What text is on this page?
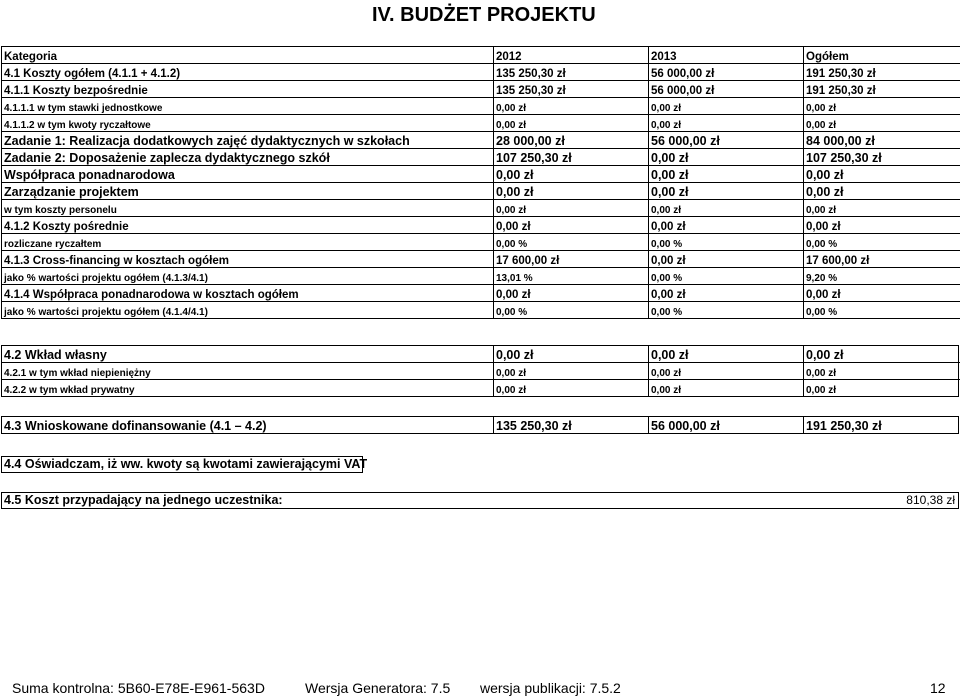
IV. BUDŻET PROJEKTU
Kategoria	2012	2013	Ogółem
4.1 Koszty ogółem (4.1.1 + 4.1.2)	135 250,30 zł	56 000,00 zł	191 250,30 zł
4.1.1 Koszty bezpośrednie	135 250,30 zł	56 000,00 zł	191 250,30 zł
4.1.1.1 w tym stawki jednostkowe	0,00 zł	0,00 zł	0,00 zł
4.1.1.2 w tym kwoty ryczałtowe	0,00 zł	0,00 zł	0,00 zł
Zadanie 1: Realizacja dodatkowych zajęć dydaktycznych w szkołach	28 000,00 zł	56 000,00 zł	84 000,00 zł
Zadanie 2: Doposażenie zaplecza dydaktycznego szkół	107 250,30 zł	0,00 zł	107 250,30 zł
Współpraca ponadnarodowa	0,00 zł	0,00 zł	0,00 zł
Zarządzanie projektem	0,00 zł	0,00 zł	0,00 zł
w tym koszty personelu	0,00 zł	0,00 zł	0,00 zł
4.1.2 Koszty pośrednie	0,00 zł	0,00 zł	0,00 zł
rozliczane ryczałtem	0,00 %	0,00 %	0,00 %
4.1.3 Cross-financing w kosztach ogółem	17 600,00 zł	0,00 zł	17 600,00 zł
jako % wartości projektu ogółem (4.1.3/4.1)	13,01 %	0,00 %	9,20 %
4.1.4 Współpraca ponadnarodowa w kosztach ogółem	0,00 zł	0,00 zł	0,00 zł
jako % wartości projektu ogółem (4.1.4/4.1)	0,00 %	0,00 %	0,00 %
4.2 Wkład własny	0,00 zł	0,00 zł	0,00 zł
4.2.1 w tym wkład niepieniężny	0,00 zł	0,00 zł	0,00 zł
4.2.2 w tym wkład prywatny	0,00 zł	0,00 zł	0,00 zł
4.3 Wnioskowane dofinansowanie (4.1 – 4.2)	135 250,30 zł	56 000,00 zł	191 250,30 zł
4.4 Oświadczam, iż ww. kwoty są kwotami zawierającymi VAT
4.5 Koszt przypadający na jednego uczestnika:	810,38 zł
Suma kontrolna: 5B60-E78E-E961-563D	Wersja Generatora: 7.5 wersja publikacji: 7.5.2	12
